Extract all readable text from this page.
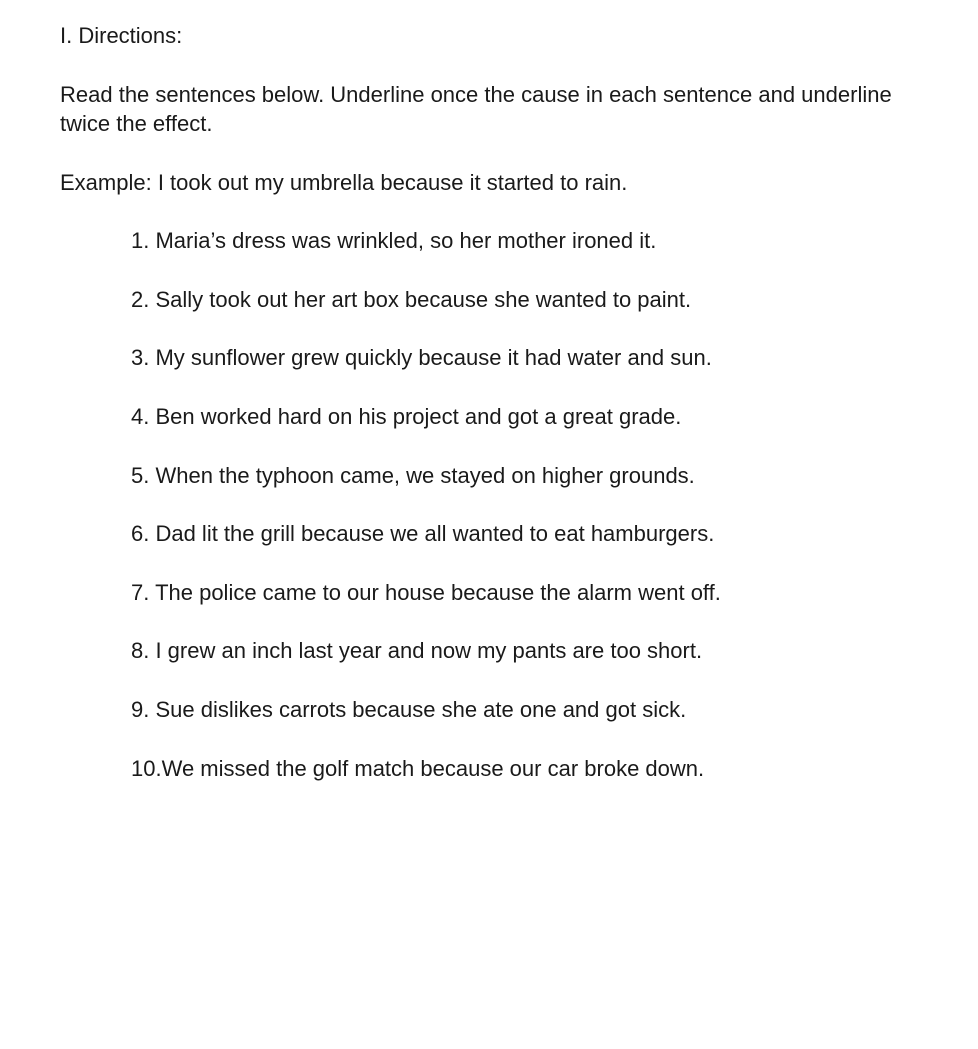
I. Directions:
Read the sentences below. Underline once the cause in each sentence and underline
twice the effect.
Example: I took out my umbrella because it started to rain.
1. Maria’s dress was wrinkled, so her mother ironed it.
2. Sally took out her art box because she wanted to paint.
3. My sunflower grew quickly because it had water and sun.
4. Ben worked hard on his project and got a great grade.
5. When the typhoon came, we stayed on higher grounds.
6. Dad lit the grill because we all wanted to eat hamburgers.
7. The police came to our house because the alarm went off.
8. I grew an inch last year and now my pants are too short.
9. Sue dislikes carrots because she ate one and got sick.
10.We missed the golf match because our car broke down.
